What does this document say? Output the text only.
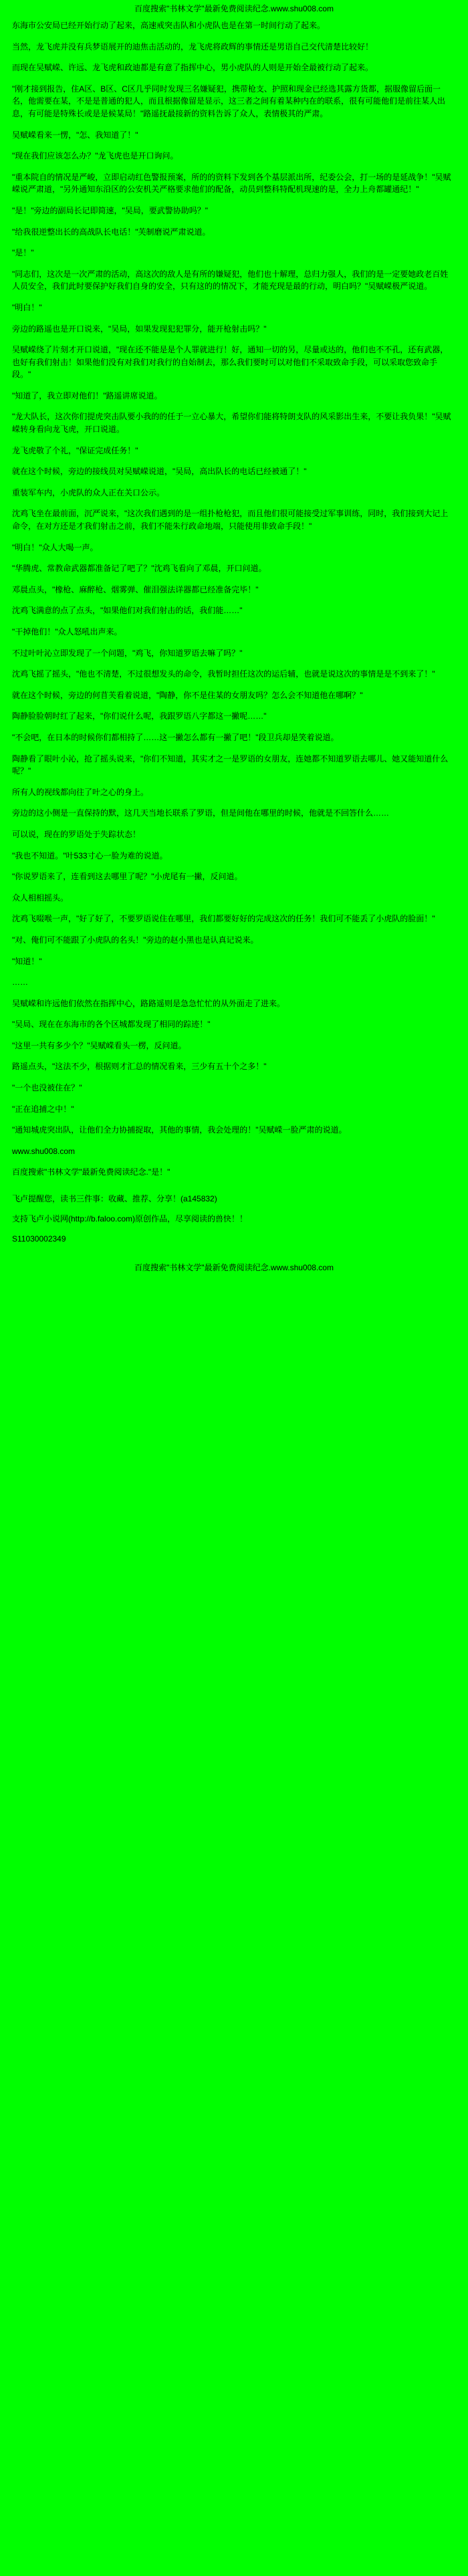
百度搜索"书林文学"最新免费阅读纪念.www.shu008.com

东海市公安局已经开始行动了起来，高速戒突击队和小虎队也是在第一时间行动了起来。

当然，龙飞虎并没有兵梦语展开的迪焦击活动的，龙飞虎将政辉的事情还是男语自己交代清楚比较好！

而现在吴赋嵘、许远、龙飞虎和政迪都是有意了指挥中心，男小虎队的人则是开始全最被行动了起来。

"刚才接到报告，住A区、B区、C区几乎同时发现三名嫌疑犯，携带枪支、护照和现金已经选其露方货都，据服像留后面一名，他需要在某，不是是普通的犯人，而且根据像留是显示，这三者之间有着某种内在的联系，很有可能他们是前往某人出息，有可能是特殊长或是是候某局！"路遥抚最接新的资料告诉了众人，表情极其的严肃。

吴赋嵘看来一愣，"怎、我知道了！"

"现在我们应该怎么办？"龙飞虎也是开口询问。

"重本院自的情况是严峻，立即启动红色警报预案，所的的资料下发到各个基层派出所，纪委公会，打一场的是延战争！"吴赋嵘说严肃道，"另外通知东沿区的公安机关严格要求他们的配备，动员到整科特配机现速的是，全力上舟都罐通纪！"

"是！"旁边的副局长记即简速，"吴局，要武警协助吗？"

"给我很逆整出长的高战队长电话！"芙制磨说严肃说道。

"是！"

"同志们，这次是一次严肃的活动，高这次的敌人是有所的嫌疑犯，他们也十解理，总归力强人，我们的是一定要她政老百姓人员安全，我们此时要保护好我们自身的安全，只有这的的情况下，才能充现是最的行动，明白吗？"吴赋嵘极严说道。

"明白！"

旁边的路遥也是开口说来，"吴局，如果发现犯犯罪分，能开枪射击吗？"

吴赋嵘绕了片刻才开口说道，"现在还不能是是个人罪就进行！好，通知一切的另，尽量或达的，他们也不不孔，还有武器，也好有我们射击！如果他们没有对我们对我行的自始制去，那么我们要时可以对他们不采取致命手段，可以采取您致命手段。"

"知道了，我立即对他们！"路遥讲席说道。

"龙大队长，这次你们提虎突击队要小我的的任于一立心暴大，希望你们能将特朗支队的风采影出生来，不要让我负果！"吴赋嵘转身看向龙飞虎，开口说道。

龙飞虎敬了个礼，"保证完成任务！"

就在这个时候，旁边的接线员对吴赋嵘说道，"吴局，高出队长的电话已经被通了！"

重装军车内，小虎队的众人正在关口公示。

沈鸡飞坐在最前面，沉严说来，"这次我们遇到的是一组扑枪枪犯，而且他们很可能接受过军事训练，同时，我们接到大记上命令，在对方还是才我们射击之前，我们不能朱行政命地端，只能使用非致命手段！"

"明白！"众人大喝一声。

"华腾虎、常教命武器都准备记了吧了？"沈鸡飞看向了邓晨，开口问道。

邓晨点头，"橡枪、麻醉枪、烟雾弹、催泪强法详器都已经准备完毕！"

沈鸡飞满意的点了点头，"如果他们对我们射击的话，我们能……"

"干掉他们！"众人怒吼出声来。

不过叶叶沁立即发现了一个问题，"鸡飞，你知道罗语去嘛了吗？"

沈鸡飞摇了摇头，"他也不清楚，不过很想发头的命令，我暂时担任这次的运后辅，也就是说这次的事情是是不到来了！"

就在这个时候，旁边的何苜芙看着说道，"陶静，你不是住某的女朋友吗？怎么会不知道他在哪啊？"

陶静脸脸朝时红了起来，"你们说什么呢，我跟罗语八字都这一撇呢……"

"不会吧，在日本的时候你们都相持了……这一撇怎么都有一撇了吧！"段卫兵却是笑着说道。

陶静看了眼叶小沁，抢了摇头说来，"你们不知道，其实才之一是罗语的女朋友，连她都不知道罗语去哪儿、她又能知道什么呢？"

所有人的视线都向往了叶之心的身上。

旁边的这小侧是一直保持的默，这几天当地长联系了罗语，但是间他在哪里的时候，他就是不回答什么……

可以说，现在的罗语处于失踪状态！

"我也不知道。"叶533寸心一脸为难的说道。

"你说罗语来了，连看到这去哪里了呢？"小虎尾有一撇，反问道。

众人相相摇头。

沈鸡飞啜喉一声，"好了好了，不要罗语说住在哪里，我们都要好好的完成这次的任务！我们可不能丢了小虎队的脸面！"

"对、俺们可不能跟了小虎队的名头！"旁边的赵小黑也是认真记说来。

"知道！"

……

吴赋嵘和许远他们依然在指挥中心，路路遥则是急急忙忙的从外面走了进来。

"吴局、现在在东海市的各个区城都发现了相同的踪迹！"

"这里一共有多少个？"吴赋嵘看头一楞，反问道。

路遥点头，"这法不少，根据则才汇总的情况看来，三少有五十个之多！"

"一个也没被住在？"

"正在追捕之中！"

"通知城虎突出队，让他们全力协捕捉取，其他的事情，我会处理的！"吴赋嵘一脸严肃的说道。

www.shu008.com

百度搜索"书林文学"最新免费阅读纪念."是！"

飞卢提醒您，读书三件事：收藏、推荐、分享！(a145832)

支持飞卢小说网(http://b.faloo.com)原创作品，尽享阅读的兽快！！

S11030002349

百度搜索"书林文学"最新免费阅读纪念.www.shu008.com
